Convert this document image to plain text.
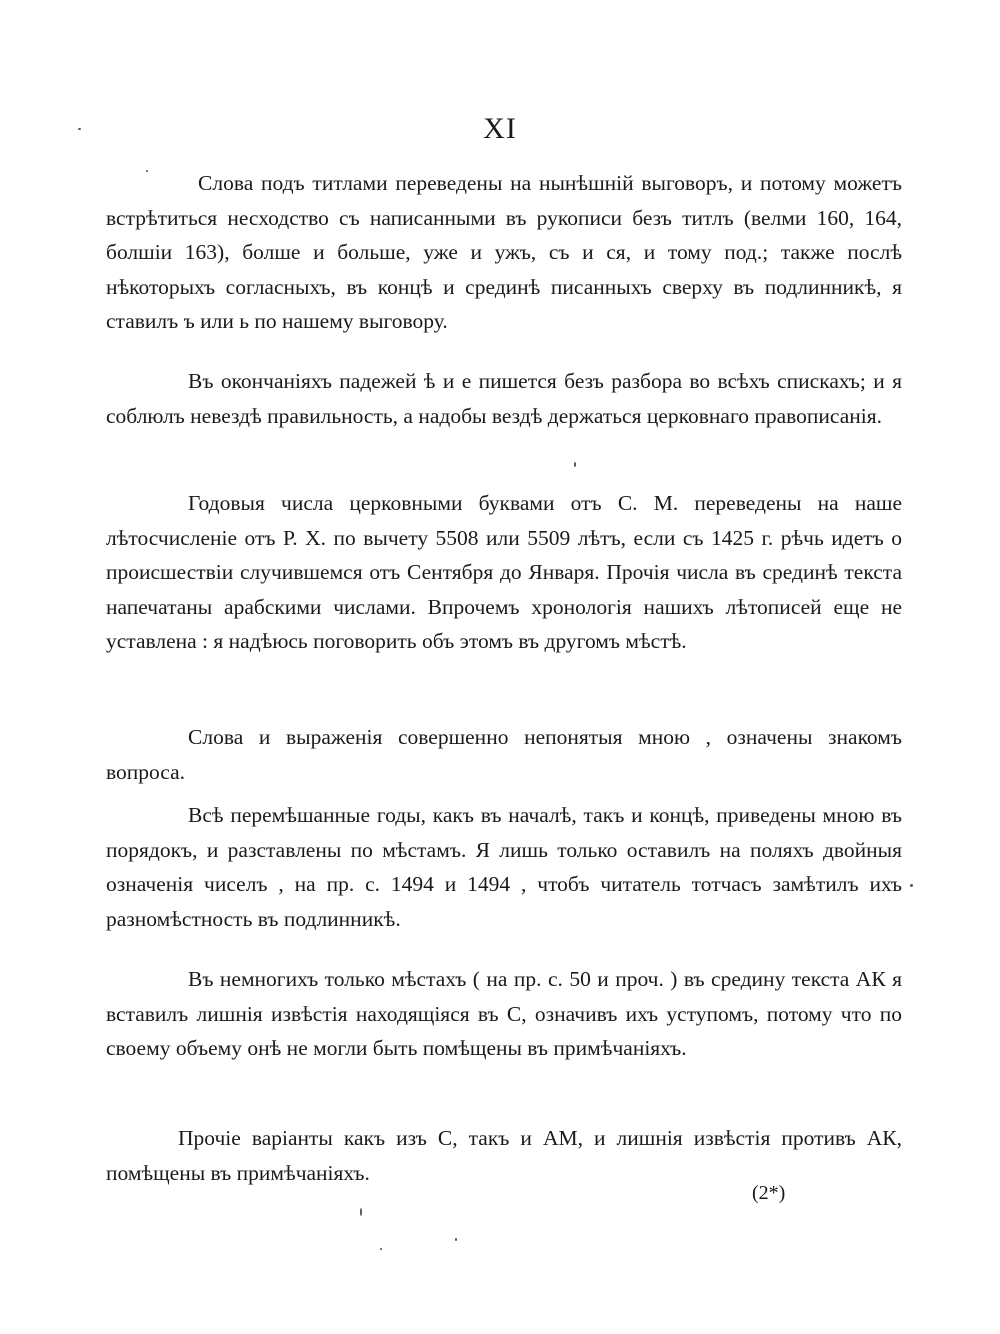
XI

Слова подъ титлами переведены на нынѣшній выговоръ, и потому можетъ встрѣтиться несходство съ написанными въ рукописи безъ титлъ (велми 160, 164, болшіи 163), болше и больше, уже и ужъ, съ и ся, и тому под.; также послѣ нѣкоторыхъ согласныхъ, въ концѣ и срединѣ писанныхъ сверху въ подлинникѣ, я ставилъ ъ или ь по нашему выговору.

Въ окончаніяхъ падежей ѣ и е пишется безъ разбора во всѣхъ спискахъ; и я соблюлъ невездѣ правильность, а надобы вездѣ держаться церковнаго правописанія.

Годовыя числа церковными буквами отъ С. М. переведены на наше лѣтосчисленіе отъ Р. Х. по вычету 5508 или 5509 лѣтъ, если съ 1425 г. рѣчь идетъ о происшествіи случившемся отъ Сентября до Января. Прочія числа въ срединѣ текста напечатаны арабскими числами. Впрочемъ хронологія нашихъ лѣтописей еще не уставлена : я надѣюсь поговорить объ этомъ въ другомъ мѣстѣ.

Слова и выраженія совершенно непонятыя мною , означены знакомъ вопроса.

Всѣ перемѣшанные годы, какъ въ началѣ, такъ и концѣ, приведены мною въ порядокъ, и разставлены по мѣстамъ. Я лишь только оставилъ на поляхъ двойныя означенія чиселъ , на пр. с. 1494 и 1494 , чтобъ читатель тотчасъ замѣтилъ ихъ разномѣстность въ подлинникѣ.

Въ немногихъ только мѣстахъ ( на пр. с. 50 и проч. ) въ средину текста АК я вставилъ лишнія извѣстія находящіяся въ С, означивъ ихъ уступомъ, потому что по своему объему онѣ не могли быть помѣщены въ примѣчаніяхъ.

Прочіе варіанты какъ изъ С, такъ и АМ, и лишнія извѣстія противъ АК, помѣщены въ примѣчаніяхъ.

(2*)
